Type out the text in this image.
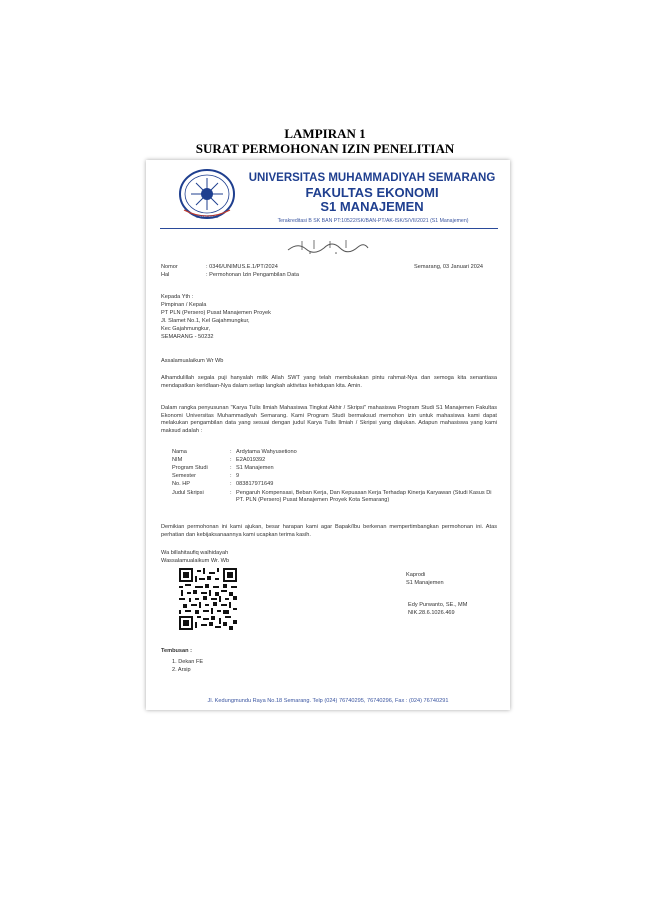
LAMPIRAN 1
SURAT PERMOHONAN IZIN PENELITIAN
SEMARANG
UNIVERSITAS MUHAMMADIYAH SEMARANG
FAKULTAS EKONOMI
S1 MANAJEMEN
Terakreditasi B SK BAN PT:10522/SK/BAN-PT/AK-ISK/S/VII/2021 (S1 Manajemen)
Nomor	: 0346/UNIMUS.E.1/PT/2024	Semarang, 03 Januari 2024
Hal	: Permohonan Izin Pengambilan Data
Kepada Yth :
Pimpinan / Kepala
PT PLN (Persero) Pusat Manajemen Proyek
Jl. Slamet No.1, Kel Gajahmungkur,
Kec Gajahmungkur,
SEMARANG - 50232
Assalamualaikum Wr Wb
Alhamdulillah segala puji hanyalah milik Allah SWT yang telah membukakan pintu rahmat-Nya dan semoga kita senantiasa mendapatkan keridlaan-Nya dalam setiap langkah aktivitas kehidupan kita. Amin.
Dalam rangka penyusunan "Karya Tulis Ilmiah Mahasiswa Tingkat Akhir / Skripsi" mahasiswa Program Studi S1 Manajemen Fakultas Ekonomi Universitas Muhammadiyah Semarang. Kami Program Studi bermaksud memohon izin untuk mahasiswa kami dapat melakukan pengambilan data yang sesuai dengan judul Karya Tulis Ilmiah / Skripsi yang diajukan. Adapun mahasiswa yang kami maksud adalah :
Nama	: Ardytama Wahyusetiono
NIM	: E2A019392
Program Studi	: S1 Manajemen
Semester	: 9
No. HP	: 083817971649
Judul Skripsi	: Pengaruh Kompensasi, Beban Kerja, Dan Kepuasan Kerja Terhadap Kinerja Karyawan (Studi Kasus Di PT. PLN (Persero) Pusat Manajemen Proyek Kota Semarang)
Demikian permohonan ini kami ajukan, besar harapan kami agar Bapak/Ibu berkenan mempertimbangkan permohonan ini. Atas perhatian dan kebijaksanaannya kami ucapkan terima kasih.
Wa billahitaufiq walhidayah
Wassalamualaikum Wr. Wb
Kaprodi
S1 Manajemen
Edy Purwanto, SE., MM
NIK.28.6.1026.469
Tembusan :
1. Dekan FE
2. Arsip
Jl. Kedungmundu Raya No.18 Semarang. Telp (024) 76740295, 76740296, Fax : (024) 76740291
